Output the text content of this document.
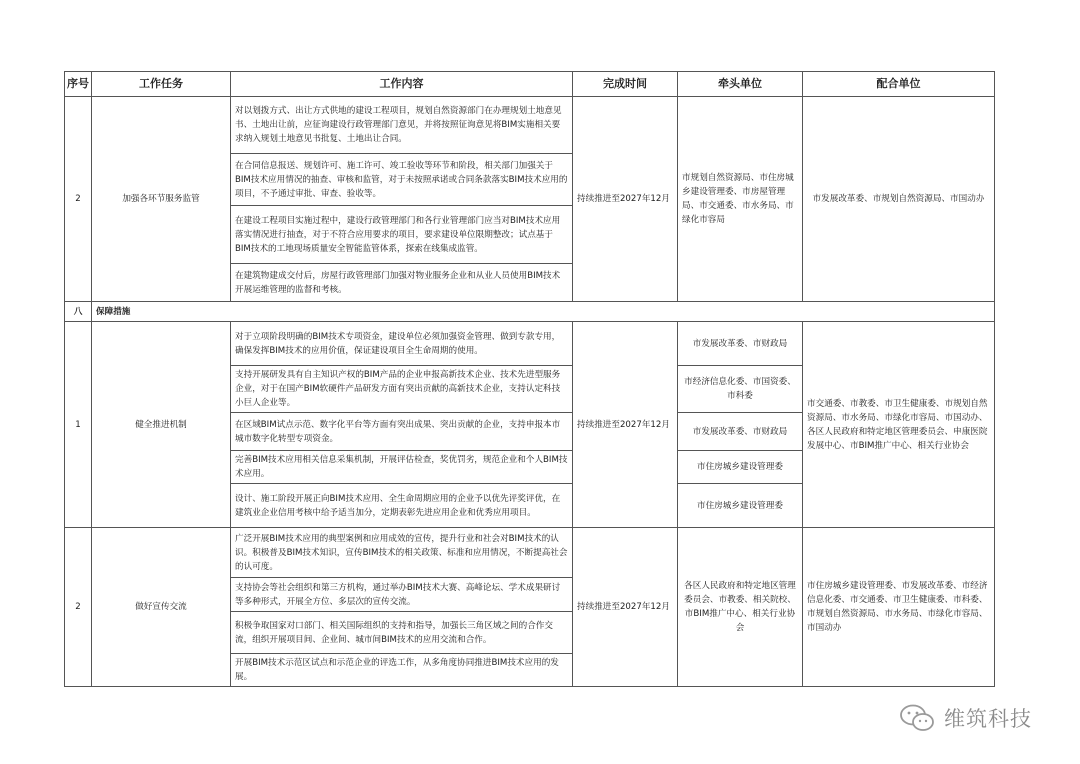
序号	工作任务	工作内容	完成时间	牵头单位	配合单位
2	加强各环节服务监管	对以划拨方式、出让方式供地的建设工程项目，规划自然资源部门在办理规划土地意见书、土地出让前，应征询建设行政管理部门意见，并将按照征询意见将BIM实施相关要求纳入规划土地意见书批复、土地出让合同。	持续推进至2027年12月	市规划自然资源局、市住房城乡建设管理委、市房屋管理局、市交通委、市水务局、市绿化市容局	市发展改革委、市规划自然资源局、市国动办
		在合同信息报送、规划许可、施工许可、竣工验收等环节和阶段，相关部门加强关于BIM技术应用情况的抽查、审核和监管，对于未按照承诺或合同条款落实BIM技术应用的项目，不予通过审批、审查、验收等。			
		在建设工程项目实施过程中，建设行政管理部门和各行业管理部门应当对BIM技术应用落实情况进行抽查，对于不符合应用要求的项目，要求建设单位限期整改；试点基于BIM技术的工地现场质量安全智能监管体系，探索在线集成监管。			
		在建筑物建成交付后，房屋行政管理部门加强对物业服务企业和从业人员使用BIM技术开展运维管理的监督和考核。			
八	保障措施				
1	健全推进机制	对于立项阶段明确的BIM技术专项资金，建设单位必须加强资金管理、做到专款专用，确保发挥BIM技术的应用价值，保证建设项目全生命周期的使用。	持续推进至2027年12月	市发展改革委、市财政局	市交通委、市教委、市卫生健康委、市规划自然资源局、市水务局、市绿化市容局、市国动办、各区人民政府和特定地区管理委员会、申康医院发展中心、市BIM推广中心、相关行业协会
		支持开展研发具有自主知识产权的BIM产品的企业申报高新技术企业、技术先进型服务企业，对于在国产BIM软硬件产品研发方面有突出贡献的高新技术企业，支持认定科技小巨人企业等。		市经济信息化委、市国资委、市科委	
		在区域BIM试点示范、数字化平台等方面有突出成果、突出贡献的企业，支持申报本市城市数字化转型专项资金。		市发展改革委、市财政局	
		完善BIM技术应用相关信息采集机制，开展评估检查，奖优罚劣，规范企业和个人BIM技术应用。		市住房城乡建设管理委	
		设计、施工阶段开展正向BIM技术应用、全生命周期应用的企业予以优先评奖评优，在建筑业企业信用考核中给予适当加分，定期表彰先进应用企业和优秀应用项目。		市住房城乡建设管理委	
2	做好宣传交流	广泛开展BIM技术应用的典型案例和应用成效的宣传，提升行业和社会对BIM技术的认识。积极普及BIM技术知识，宣传BIM技术的相关政策、标准和应用情况，不断提高社会的认可度。	持续推进至2027年12月	各区人民政府和特定地区管理委员会、市教委、相关院校、市BIM推广中心、相关行业协会	市住房城乡建设管理委、市发展改革委、市经济信息化委、市交通委、市卫生健康委、市科委、市规划自然资源局、市水务局、市绿化市容局、市国动办
		支持协会等社会组织和第三方机构，通过举办BIM技术大赛、高峰论坛、学术成果研讨等多种形式，开展全方位、多层次的宣传交流。			
		积极争取国家对口部门、相关国际组织的支持和指导，加强长三角区域之间的合作交流，组织开展项目间、企业间、城市间BIM技术的应用交流和合作。			
		开展BIM技术示范区试点和示范企业的评选工作，从多角度协同推进BIM技术应用的发展。			
维筑科技
